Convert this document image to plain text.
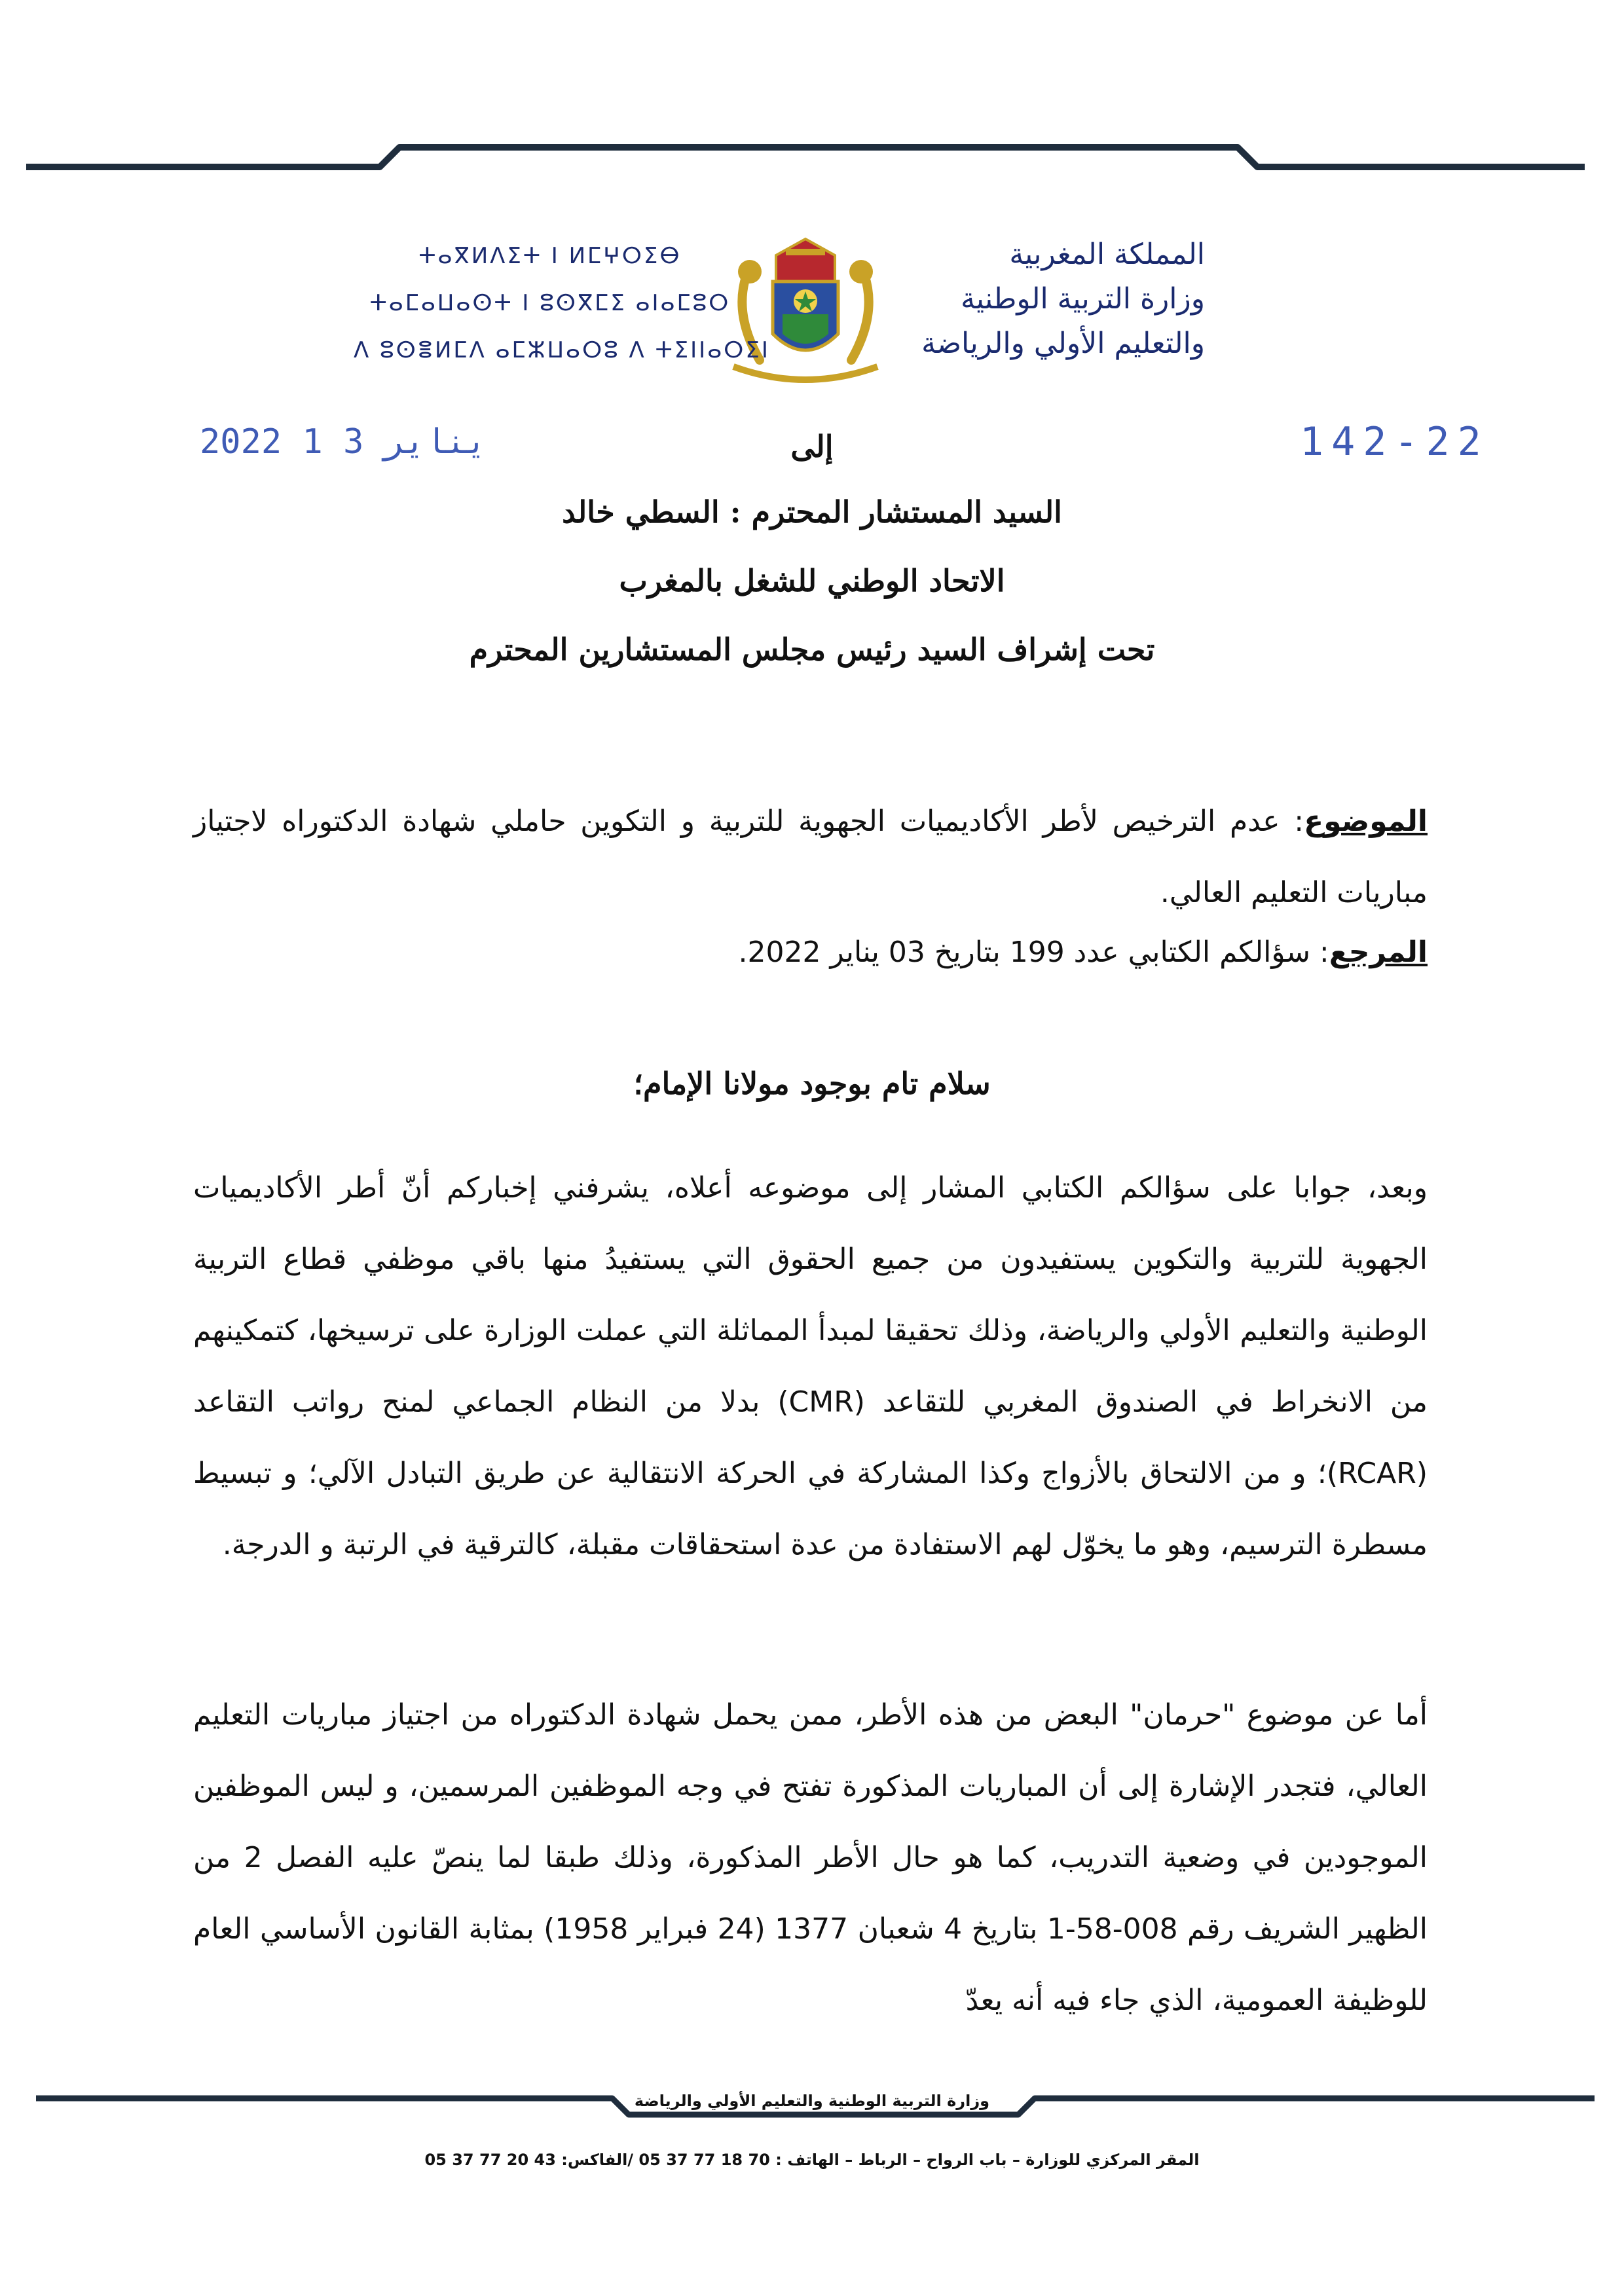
المملكة المغربية
وزارة التربية الوطنية
والتعليم الأولي والرياضة
ⵜⴰⴳⵍⴷⵉⵜ ⵏ ⵍⵎⵖⵔⵉⴱ
ⵜⴰⵎⴰⵡⴰⵙⵜ ⵏ ⵓⵙⴳⵎⵉ ⴰⵏⴰⵎⵓⵔ
ⴷ ⵓⵙⴻⵍⵎⴷ ⴰⵎⵣⵡⴰⵔⵓ ⴷ ⵜⵉⵏⵏⴰⵔⵉⵏ
2022 يناير 3 1	142-22
إلى
السيد المستشار المحترم : السطي خالد
الاتحاد الوطني للشغل بالمغرب
تحت إشراف السيد رئيس مجلس المستشارين المحترم
الموضوع: عدم الترخيص لأطر الأكاديميات الجهوية للتربية و التكوين حاملي شهادة الدكتوراه لاجتياز مباريات التعليم العالي.
المرجع: سؤالكم الكتابي عدد 199 بتاريخ 03 يناير 2022.
سلام تام بوجود مولانا الإمام؛
وبعد، جوابا على سؤالكم الكتابي المشار إلى موضوعه أعلاه، يشرفني إخباركم أنّ أطر الأكاديميات الجهوية للتربية والتكوين يستفيدون من جميع الحقوق التي يستفيدُ منها باقي موظفي قطاع التربية الوطنية والتعليم الأولي والرياضة، وذلك تحقيقا لمبدأ المماثلة التي عملت الوزارة على ترسيخها، كتمكينهم من الانخراط في الصندوق المغربي للتقاعد (CMR) بدلا من النظام الجماعي لمنح رواتب التقاعد (RCAR)؛ و من الالتحاق بالأزواج وكذا المشاركة في الحركة الانتقالية عن طريق التبادل الآلي؛ و تبسيط مسطرة الترسيم، وهو ما يخوّل لهم الاستفادة من عدة استحقاقات مقبلة، كالترقية في الرتبة و الدرجة.
أما عن موضوع "حرمان" البعض من هذه الأطر، ممن يحمل شهادة الدكتوراه من اجتياز مباريات التعليم العالي، فتجدر الإشارة إلى أن المباريات المذكورة تفتح في وجه الموظفين المرسمين، و ليس الموظفين الموجودين في وضعية التدريب، كما هو حال الأطر المذكورة، وذلك طبقا لما ينصّ عليه الفصل 2 من الظهير الشريف رقم 008-58-1 بتاريخ 4 شعبان 1377 (24 فبراير 1958) بمثابة القانون الأساسي العام للوظيفة العمومية، الذي جاء فيه أنه يعدّ
وزارة التربية الوطنية والتعليم الأولي والرياضة
المقر المركزي للوزارة – باب الرواح – الرباط – الهاتف : 70 18 77 37 05 /الفاكس: 43 20 77 37 05
